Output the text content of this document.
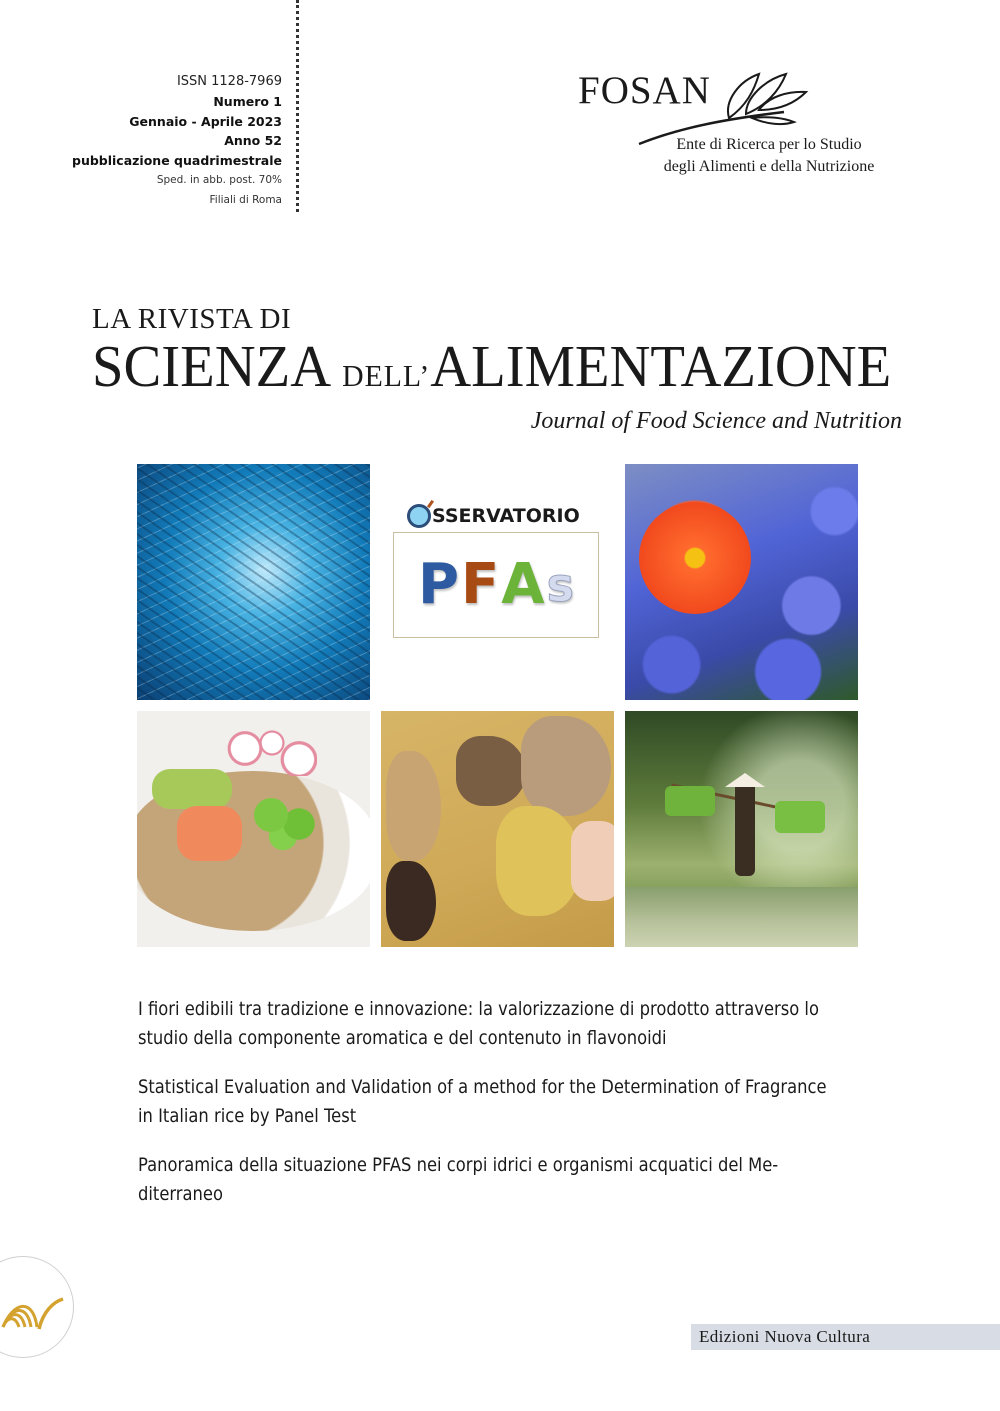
ISSN 1128-7969
Numero 1
Gennaio - Aprile 2023
Anno 52
pubblicazione quadrimestrale
Sped. in abb. post. 70%
Filiali di Roma
FOSAN
Ente di Ricerca per lo Studio
degli Alimenti e della Nutrizione
LA RIVISTA DI
SCIENZA DELL’ALIMENTAZIONE
Journal of Food Science and Nutrition
SSERVATORIO
P F A s
I fiori edibili tra tradizione e innovazione: la valorizzazione di prodotto attraverso lo
studio della componente aromatica e del contenuto in flavonoidi
Statistical Evaluation and Validation of a method for the Determination of Fragrance
in Italian rice by Panel Test
Panoramica della situazione PFAS nei corpi idrici e organismi acquatici del Me-
diterraneo
Edizioni Nuova Cultura
